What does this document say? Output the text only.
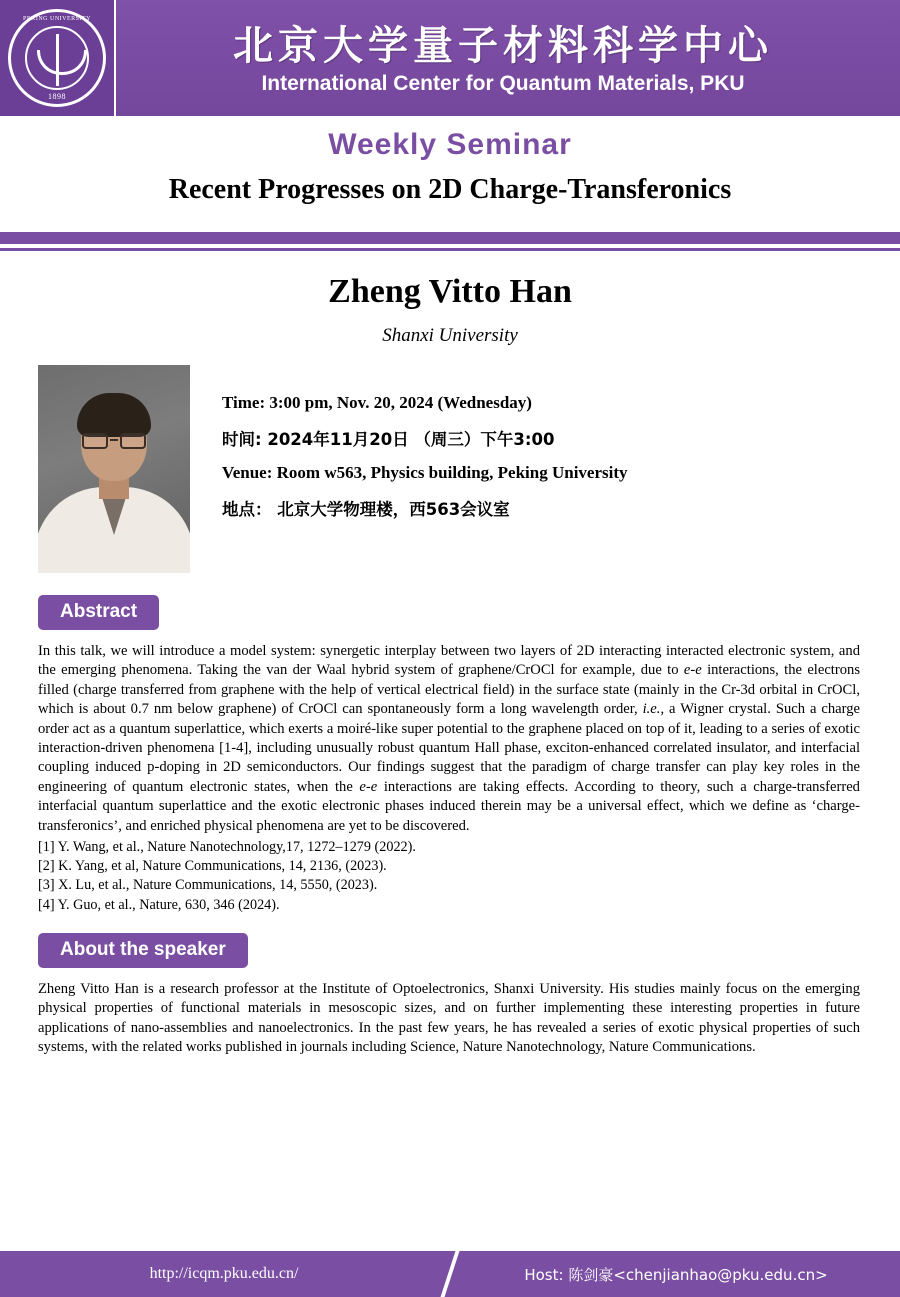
PEKING UNIVERSITY
1898
北京大学量子材料科学中心
International Center for Quantum Materials, PKU
Weekly Seminar
Recent Progresses on 2D Charge-Transferonics
Zheng Vitto Han
Shanxi University
Time: 3:00 pm, Nov. 20, 2024 (Wednesday)
时间: 2024年11月20日 （周三）下午3:00
Venue: Room w563, Physics building, Peking University
地点： 北京大学物理楼，西563会议室
Abstract
In this talk, we will introduce a model system: synergetic interplay between two layers of 2D interacting interacted electronic system, and the emerging phenomena. Taking the van der Waal hybrid system of graphene/CrOCl for example, due to e-e interactions, the electrons filled (charge transferred from graphene with the help of vertical electrical field) in the surface state (mainly in the Cr-3d orbital in CrOCl, which is about 0.7 nm below graphene) of CrOCl can spontaneously form a long wavelength order, i.e., a Wigner crystal. Such a charge order act as a quantum superlattice, which exerts a moiré-like super potential to the graphene placed on top of it, leading to a series of exotic interaction-driven phenomena [1-4], including unusually robust quantum Hall phase, exciton-enhanced correlated insulator, and interfacial coupling induced p-doping in 2D semiconductors. Our findings suggest that the paradigm of charge transfer can play key roles in the engineering of quantum electronic states, when the e-e interactions are taking effects. According to theory, such a charge-transferred interfacial quantum superlattice and the exotic electronic phases induced therein may be a universal effect, which we define as ‘charge-transferonics’, and enriched physical phenomena are yet to be discovered.
[1] Y. Wang, et al., Nature Nanotechnology,17, 1272–1279 (2022).
[2] K. Yang, et al, Nature Communications, 14, 2136, (2023).
[3] X. Lu, et al., Nature Communications, 14, 5550, (2023).
[4] Y. Guo, et al., Nature, 630, 346 (2024).
About the speaker
Zheng Vitto Han is a research professor at the Institute of Optoelectronics, Shanxi University. His studies mainly focus on the emerging physical properties of functional materials in mesoscopic sizes, and on further implementing these interesting properties in future applications of nano-assemblies and nanoelectronics. In the past few years, he has revealed a series of exotic physical properties of such systems, with the related works published in journals including Science, Nature Nanotechnology, Nature Communications.
http://icqm.pku.edu.cn/	Host: 陈剑豪<chenjianhao@pku.edu.cn>
